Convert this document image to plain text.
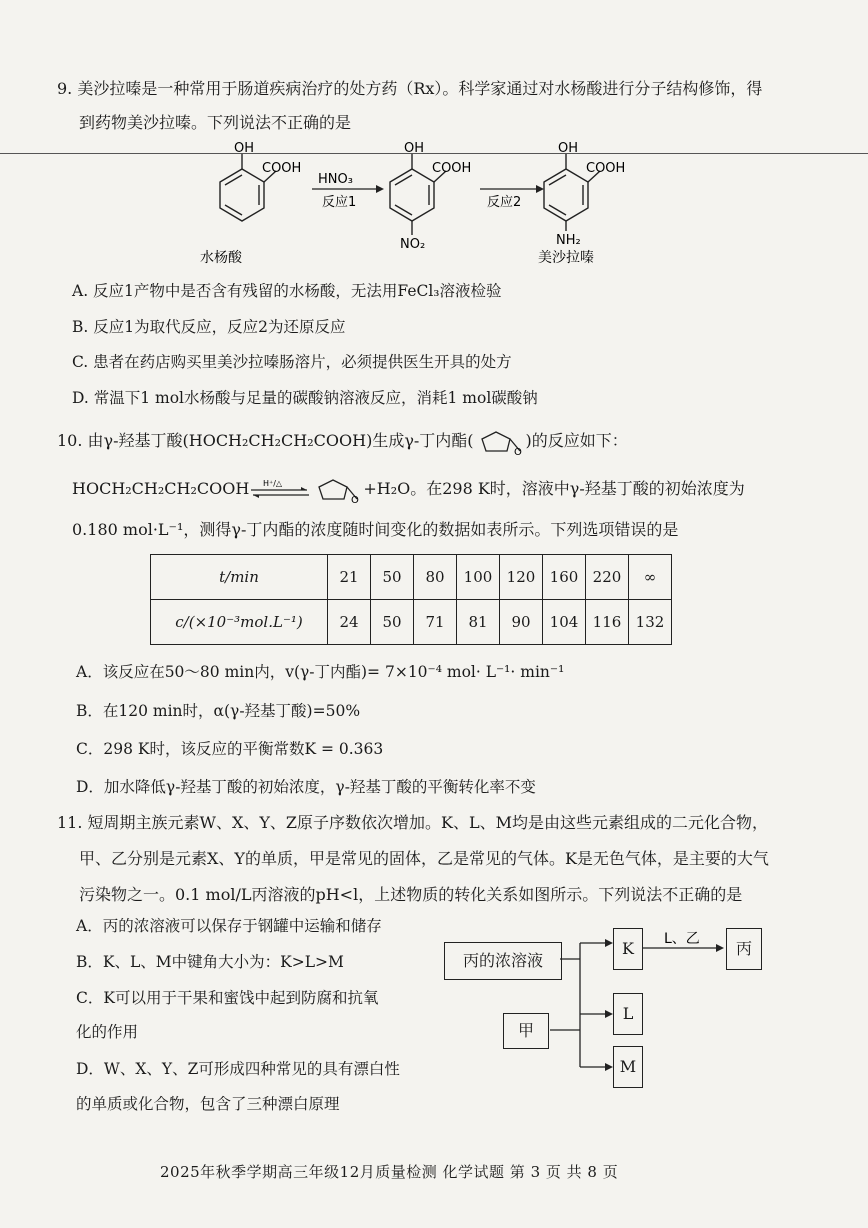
9. 美沙拉嗪是一种常用于肠道疾病治疗的处方药（Rx）。科学家通过对水杨酸进行分子结构修饰，得
到药物美沙拉嗪。下列说法不正确的是
OH
COOH
HNO₃
反应1
OH
COOH
NO₂
反应2
OH
COOH
NH₂
水杨酸	美沙拉嗪
A. 反应1产物中是否含有残留的水杨酸，无法用FeCl₃溶液检验
B. 反应1为取代反应，反应2为还原反应
C. 患者在药店购买里美沙拉嗪肠溶片，必须提供医生开具的处方
D. 常温下1 mol水杨酸与足量的碳酸钠溶液反应，消耗1 mol碳酸钠
10. 由γ-羟基丁酸(HOCH₂CH₂CH₂COOH)生成γ-丁内酯(
O
)的反应如下：
HOCH₂CH₂CH₂COOH H⁺/△
O
+H₂O。在298 K时，溶液中γ-羟基丁酸的初始浓度为
0.180 mol·L⁻¹，测得γ-丁内酯的浓度随时间变化的数据如表所示。下列选项错误的是
t/min	21	50	80	100	120	160	220	∞
c/(×10⁻³mol.L⁻¹)	24	50	71	81	90	104	116	132
A．该反应在50～80 min内，v(γ-丁内酯)= 7×10⁻⁴ mol· L⁻¹· min⁻¹
B．在120 min时，α(γ-羟基丁酸)=50%
C．298 K时，该反应的平衡常数K = 0.363
D．加水降低γ-羟基丁酸的初始浓度，γ-羟基丁酸的平衡转化率不变
11. 短周期主族元素W、X、Y、Z原子序数依次增加。K、L、M均是由这些元素组成的二元化合物，
甲、乙分别是元素X、Y的单质，甲是常见的固体，乙是常见的气体。K是无色气体，是主要的大气
污染物之一。0.1 mol/L丙溶液的pH<l，上述物质的转化关系如图所示。下列说法不正确的是
A．丙的浓溶液可以保存于钢罐中运输和储存
B．K、L、M中键角大小为：K>L>M
C．K可以用于干果和蜜饯中起到防腐和抗氧
化的作用
D．W、X、Y、Z可形成四种常见的具有漂白性
的单质或化合物，包含了三种漂白原理
L、乙
丙的浓溶液
甲
K
L
M
丙
2025年秋季学期高三年级12月质量检测 化学试题 第 3 页 共 8 页
